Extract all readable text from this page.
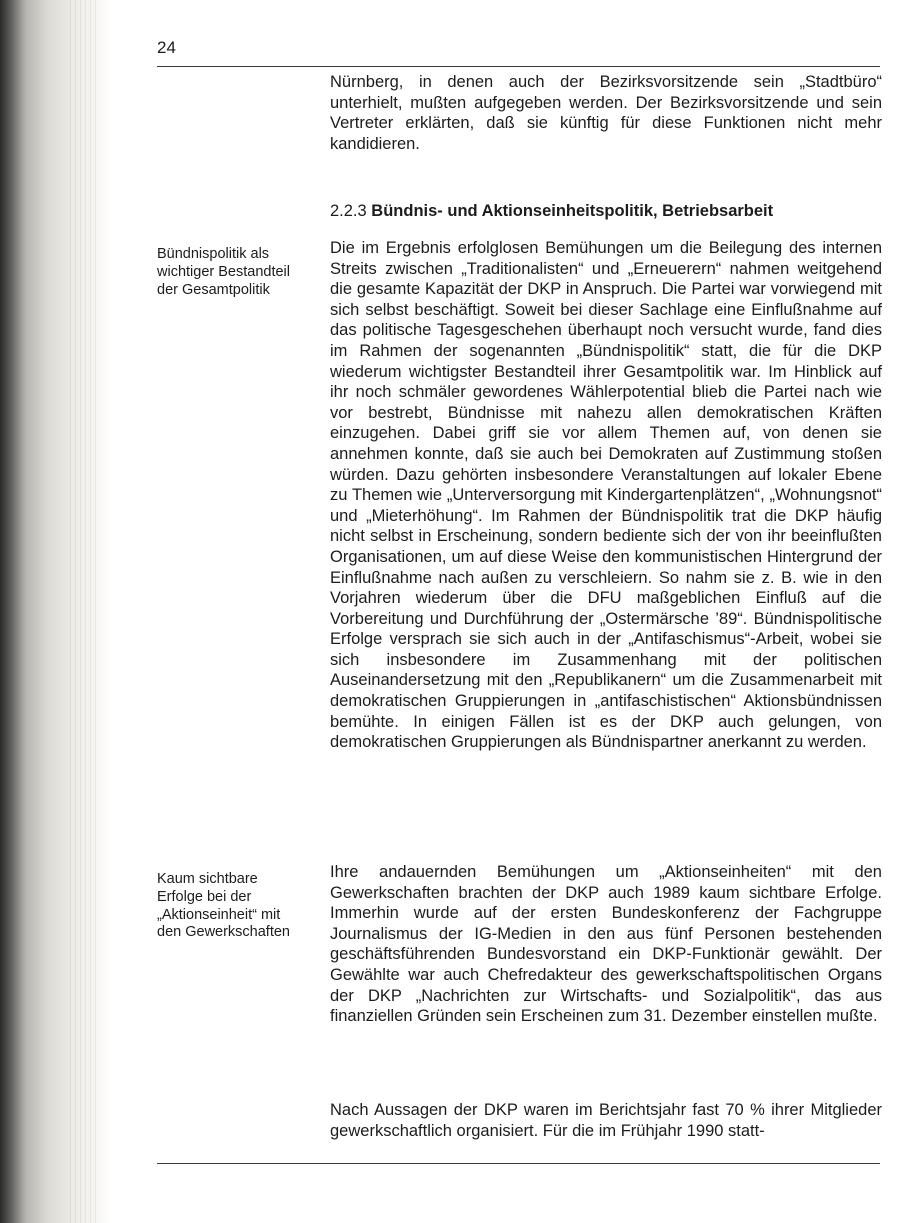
24

Nürnberg, in denen auch der Bezirksvorsitzende sein „Stadtbüro“ unterhielt, mußten aufgegeben werden. Der Bezirksvorsitzende und sein Vertreter erklärten, daß sie künftig für diese Funktionen nicht mehr kandidieren.

2.2.3 Bündnis- und Aktionseinheitspolitik, Betriebsarbeit

Bündnispolitik als wichtiger Bestandteil der Gesamtpolitik

Die im Ergebnis erfolglosen Bemühungen um die Beilegung des internen Streits zwischen „Traditionalisten“ und „Erneuerern“ nahmen weitgehend die gesamte Kapazität der DKP in Anspruch. Die Partei war vorwiegend mit sich selbst beschäftigt. Soweit bei dieser Sachlage eine Einflußnahme auf das politische Tagesgeschehen überhaupt noch versucht wurde, fand dies im Rahmen der sogenannten „Bündnispolitik“ statt, die für die DKP wiederum wichtigster Bestandteil ihrer Gesamtpolitik war. Im Hinblick auf ihr noch schmäler gewordenes Wählerpotential blieb die Partei nach wie vor bestrebt, Bündnisse mit nahezu allen demokratischen Kräften einzugehen. Dabei griff sie vor allem Themen auf, von denen sie annehmen konnte, daß sie auch bei Demokraten auf Zustimmung stoßen würden. Dazu gehörten insbesondere Veranstaltungen auf lokaler Ebene zu Themen wie „Unterversorgung mit Kindergartenplätzen“, „Wohnungsnot“ und „Mieterhöhung“. Im Rahmen der Bündnispolitik trat die DKP häufig nicht selbst in Erscheinung, sondern bediente sich der von ihr beeinflußten Organisationen, um auf diese Weise den kommunistischen Hintergrund der Einflußnahme nach außen zu verschleiern. So nahm sie z. B. wie in den Vorjahren wiederum über die DFU maßgeblichen Einfluß auf die Vorbereitung und Durchführung der „Ostermärsche ’89“. Bündnispolitische Erfolge versprach sie sich auch in der „Antifaschismus“-Arbeit, wobei sie sich insbesondere im Zusammenhang mit der politischen Auseinandersetzung mit den „Republikanern“ um die Zusammenarbeit mit demokratischen Gruppierungen in „antifaschistischen“ Aktionsbündnissen bemühte. In einigen Fällen ist es der DKP auch gelungen, von demokratischen Gruppierungen als Bündnispartner anerkannt zu werden.

Kaum sichtbare Erfolge bei der „Aktionseinheit“ mit den Gewerkschaften

Ihre andauernden Bemühungen um „Aktionseinheiten“ mit den Gewerkschaften brachten der DKP auch 1989 kaum sichtbare Erfolge. Immerhin wurde auf der ersten Bundeskonferenz der Fachgruppe Journalismus der IG-Medien in den aus fünf Personen bestehenden geschäftsführenden Bundesvorstand ein DKP-Funktionär gewählt. Der Gewählte war auch Chefredakteur des gewerkschaftspolitischen Organs der DKP „Nachrichten zur Wirtschafts- und Sozialpolitik“, das aus finanziellen Gründen sein Erscheinen zum 31. Dezember einstellen mußte.

Nach Aussagen der DKP waren im Berichtsjahr fast 70 % ihrer Mitglieder gewerkschaftlich organisiert. Für die im Frühjahr 1990 statt-
